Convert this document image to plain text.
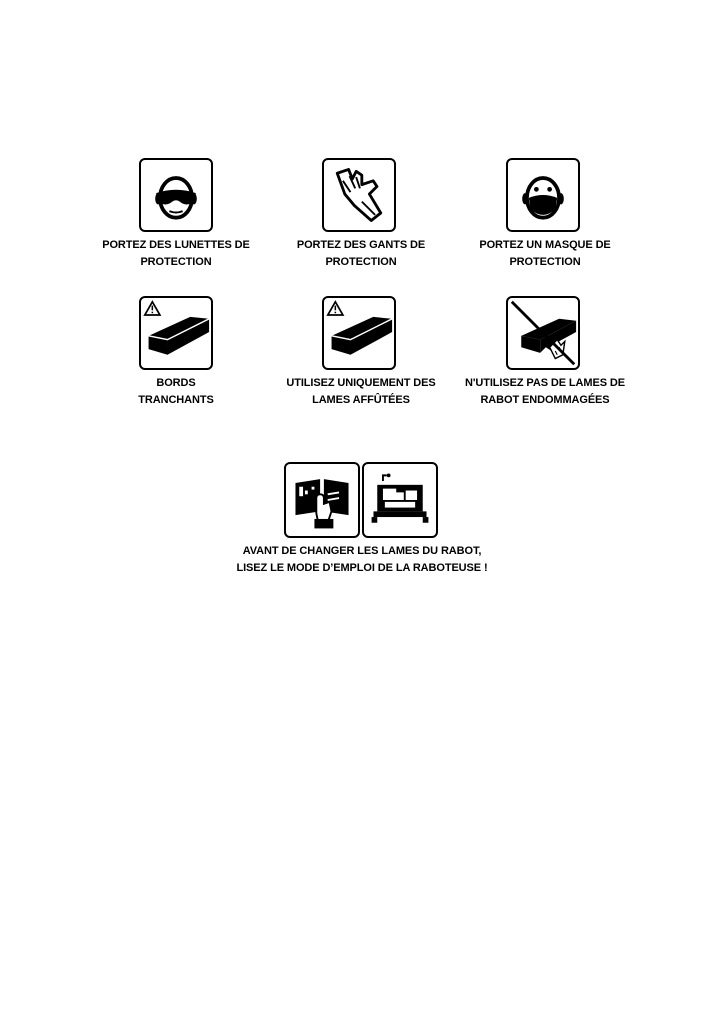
PORTEZ DES LUNETTES DE
PROTECTION
PORTEZ DES GANTS DE
PROTECTION
PORTEZ UN MASQUE DE
PROTECTION
BORDS
TRANCHANTS
UTILISEZ UNIQUEMENT DES
LAMES AFFÛTÉES
N'UTILISEZ PAS DE LAMES DE
RABOT ENDOMMAGÉES
AVANT DE CHANGER LES LAMES DU RABOT,
LISEZ LE MODE D’EMPLOI DE LA RABOTEUSE !
